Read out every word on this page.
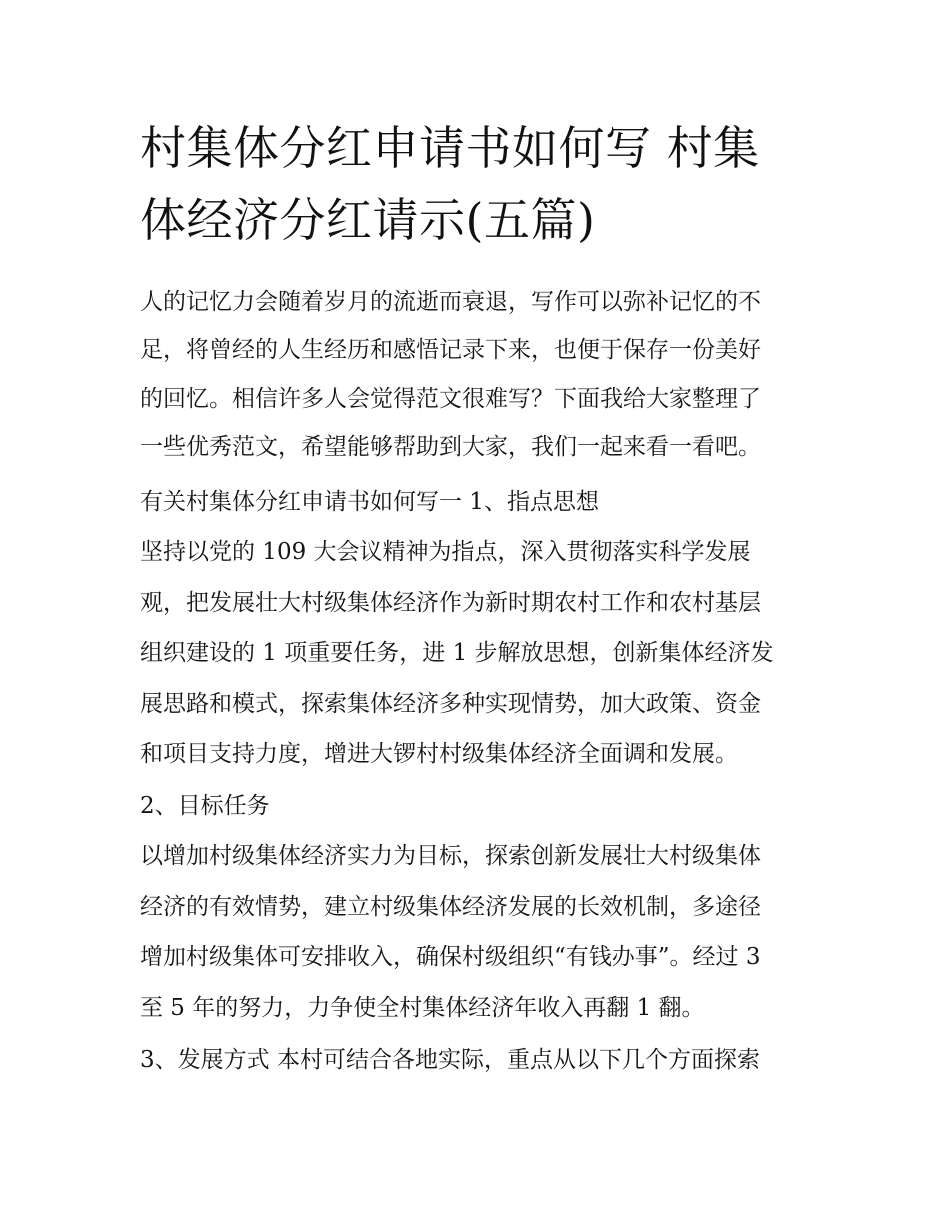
村集体分红申请书如何写 村集
体经济分红请示(五篇)

人的记忆力会随着岁月的流逝而衰退，写作可以弥补记忆的不

足，将曾经的人生经历和感悟记录下来，也便于保存一份美好

的回忆。相信许多人会觉得范文很难写？下面我给大家整理了

一些优秀范文，希望能够帮助到大家，我们一起来看一看吧。

有关村集体分红申请书如何写一 1、指点思想

坚持以党的 109 大会议精神为指点，深入贯彻落实科学发展

观，把发展壮大村级集体经济作为新时期农村工作和农村基层

组织建设的 1 项重要任务，进 1 步解放思想，创新集体经济发

展思路和模式，探索集体经济多种实现情势，加大政策、资金

和项目支持力度，增进大锣村村级集体经济全面调和发展。

2、目标任务

以增加村级集体经济实力为目标，探索创新发展壮大村级集体

经济的有效情势，建立村级集体经济发展的长效机制，多途径

增加村级集体可安排收入，确保村级组织“有钱办事”。经过 3

至 5 年的努力，力争使全村集体经济年收入再翻 1 翻。

3、发展方式 本村可结合各地实际，重点从以下几个方面探索
